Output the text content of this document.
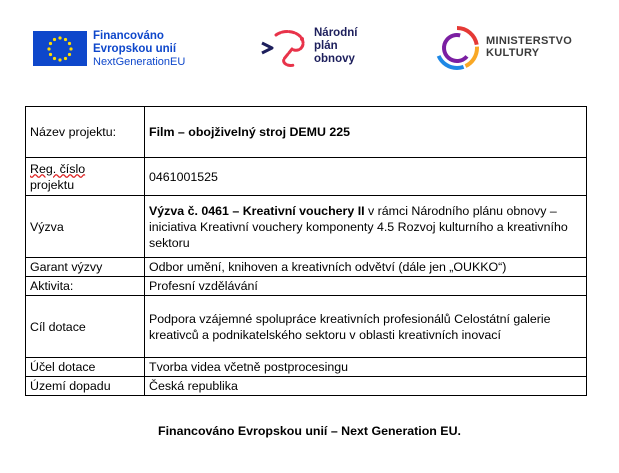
Financováno
Evropskou unií
NextGenerationEU
Národní
plán
obnovy
MINISTERSTVO
KULTURY
Název projektu:	Film – obojživelný stroj DEMU 225

Reg. číslo
projektu	0461001525
Výzva	Výzva č. 0461 – Kreativní vouchery II v rámci Národního plánu obnovy – iniciativa Kreativní vouchery komponenty 4.5 Rozvoj kulturního a kreativního sektoru
Garant výzvy	Odbor umění, knihoven a kreativních odvětví (dále jen „OUKKO“)
Aktivita:	Profesní vzdělávání
Cíl dotace	Podpora vzájemné spolupráce kreativních profesionálů Celostátní galerie kreativců a podnikatelského sektoru v oblasti kreativních inovací
Účel dotace	Tvorba videa včetně postprocesingu
Území dopadu	Česká republika
Financováno Evropskou unií – Next Generation EU.
